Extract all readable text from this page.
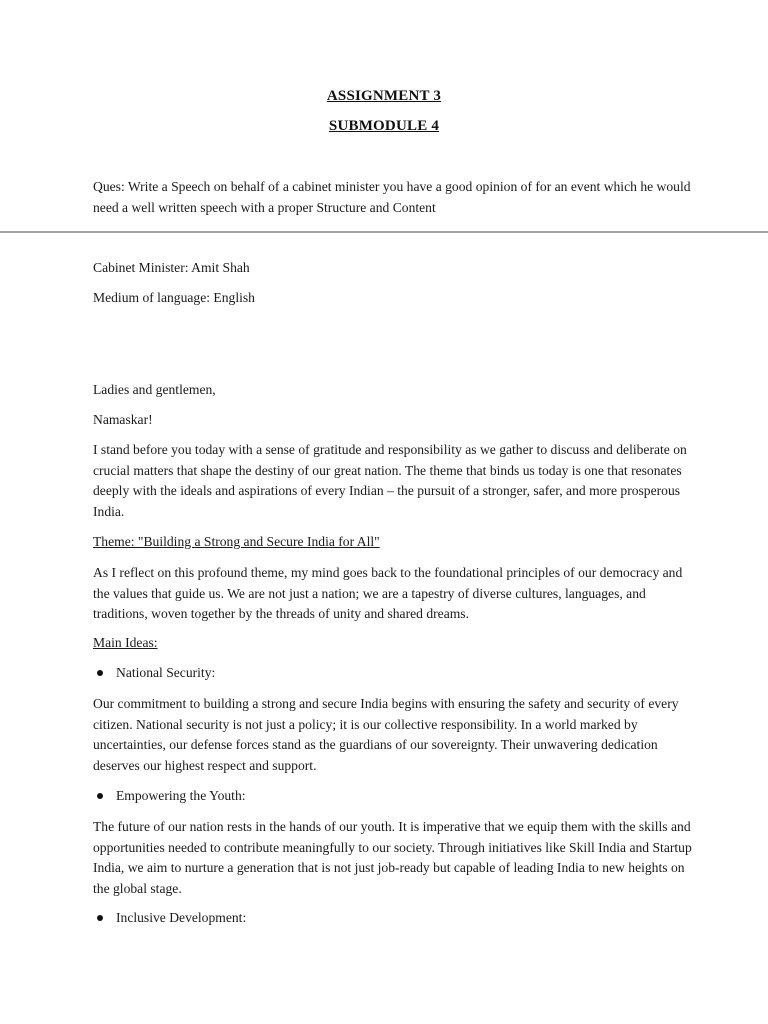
ASSIGNMENT 3
SUBMODULE 4
Ques: Write a Speech on behalf of a cabinet minister you have a good opinion of for an event which he would need a well written speech with a proper Structure and Content
Cabinet Minister: Amit Shah
Medium of language: English
Ladies and gentlemen,
Namaskar!
I stand before you today with a sense of gratitude and responsibility as we gather to discuss and deliberate on crucial matters that shape the destiny of our great nation. The theme that binds us today is one that resonates deeply with the ideals and aspirations of every Indian – the pursuit of a stronger, safer, and more prosperous India.
Theme: "Building a Strong and Secure India for All"
As I reflect on this profound theme, my mind goes back to the foundational principles of our democracy and the values that guide us. We are not just a nation; we are a tapestry of diverse cultures, languages, and traditions, woven together by the threads of unity and shared dreams.
Main Ideas:
National Security:
Our commitment to building a strong and secure India begins with ensuring the safety and security of every citizen. National security is not just a policy; it is our collective responsibility. In a world marked by uncertainties, our defense forces stand as the guardians of our sovereignty. Their unwavering dedication deserves our highest respect and support.
Empowering the Youth:
The future of our nation rests in the hands of our youth. It is imperative that we equip them with the skills and opportunities needed to contribute meaningfully to our society. Through initiatives like Skill India and Startup India, we aim to nurture a generation that is not just job-ready but capable of leading India to new heights on the global stage.
Inclusive Development:
